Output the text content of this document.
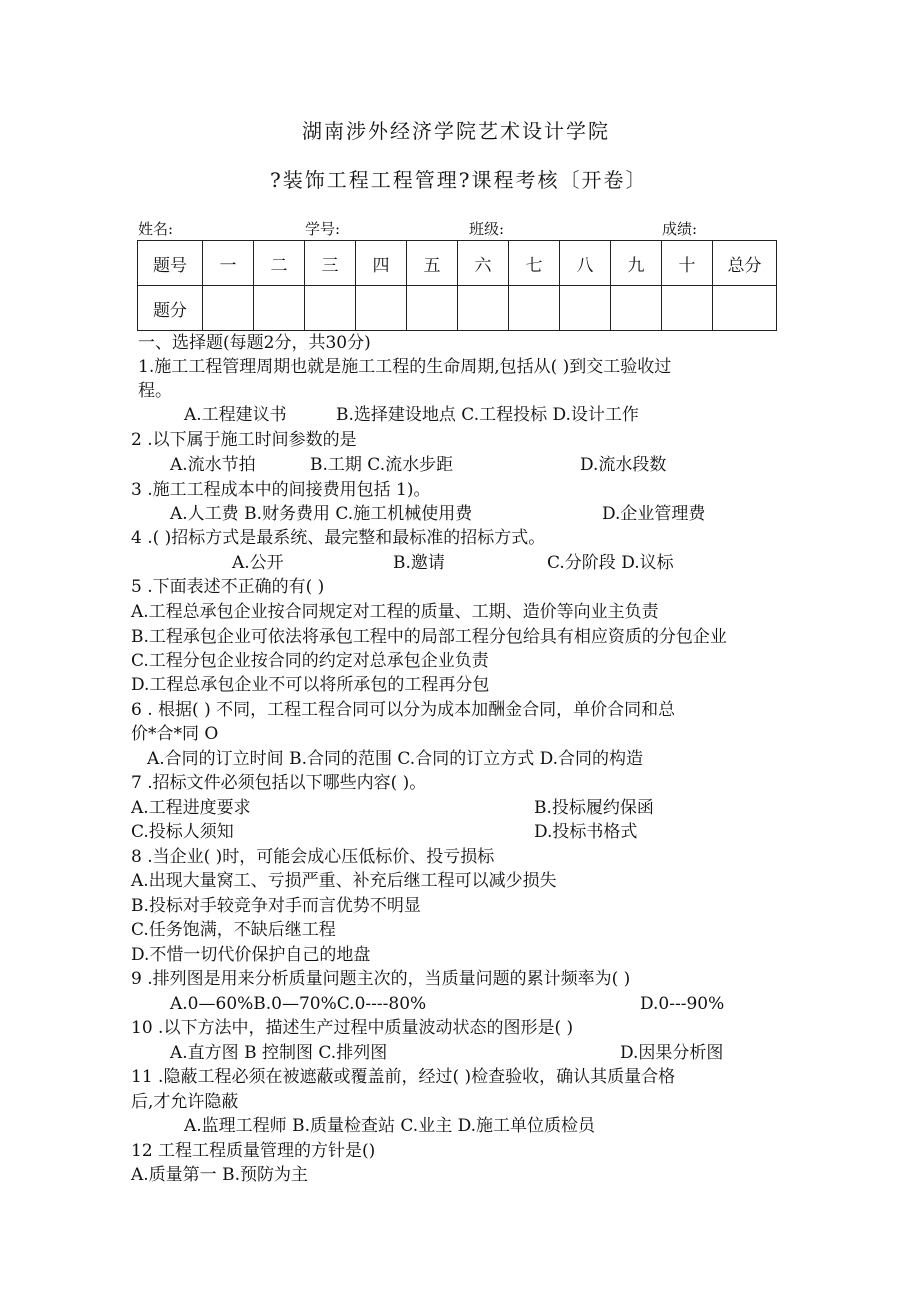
湖南涉外经济学院艺术设计学院
?装饰工程工程管理?课程考核〔开卷〕
姓名:	学号:	班级:	成绩:
题号	一	二	三	四	五	六	七	八	九	十	总分
题分											
一、选择题(每题2分，共30分)
1.施工工程管理周期也就是施工工程的生命周期,包括从( )到交工验收过
程。
A.工程建议书	B.选择建设地点 C.工程投标 D.设计工作
2 .以下属于施工时间参数的是
A.流水节拍	B.工期 C.流水步距	D.流水段数
3 .施工工程成本中的间接费用包括 1)。
A.人工费 B.财务费用 C.施工机械使用费	D.企业管理费
4 .( )招标方式是最系统、最完整和最标准的招标方式。
A.公开	B.邀请	C.分阶段 D.议标
5 .下面表述不正确的有( )
A.工程总承包企业按合同规定对工程的质量、工期、造价等向业主负责
B.工程承包企业可依法将承包工程中的局部工程分包给具有相应资质的分包企业
C.工程分包企业按合同的约定对总承包企业负责
D.工程总承包企业不可以将所承包的工程再分包
6 . 根据( ) 不同，工程工程合同可以分为成本加酬金合同，单价合同和总
价*合*同 O
A.合同的订立时间 B.合同的范围 C.合同的订立方式 D.合同的构造
7 .招标文件必须包括以下哪些内容( )。
A.工程进度要求	B.投标履约保函
C.投标人须知	D.投标书格式
8 .当企业( )时，可能会成心压低标价、投亏损标
A.出现大量窝工、亏损严重、补充后继工程可以减少损失
B.投标对手较竞争对手而言优势不明显
C.任务饱满，不缺后继工程
D.不惜一切代价保护自己的地盘
9 .排列图是用来分析质量问题主次的，当质量问题的累计频率为( )
A.0—60%B.0—70%C.0----80%	D.0---90%
10 .以下方法中，描述生产过程中质量波动状态的图形是( )
A.直方图 B 控制图 C.排列图	D.因果分析图
11 .隐蔽工程必须在被遮蔽或覆盖前，经过( )检查验收，确认其质量合格
后,才允许隐蔽
A.监理工程师 B.质量检查站 C.业主 D.施工单位质检员
12 工程工程质量管理的方针是()
A.质量第一 B.预防为主
